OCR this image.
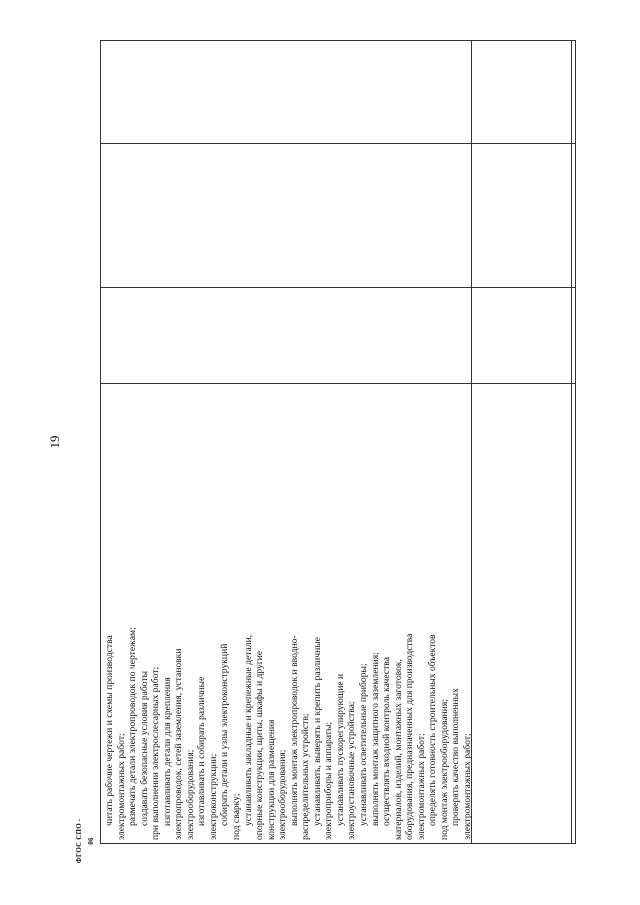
19
читать рабочие чертежи и схемы производства электромонтажных работ; размечать детали электропроводок по чертежам; создавать безопасные условия работы при выполнении электрослесарных работ; изготавливать детали для крепления электропроводок, сетей заземления, установки электрооборудования; изготавливать и собирать различные электроконструкции; собирать детали и узлы электроконструкций под сварку; устанавливать закладные и крепежные детали, опорные конструкции, щиты, шкафы и другие конструкции для размещения электрооборудования; выполнять монтаж электропроводок и вводно- распределительных устройств; устанавливать, выверять и крепить различные электроприборы и аппараты; устанавливать пускорегулирующие и электроустановочные устройства; устанавливать осветительные приборы; выполнять монтаж защитного заземления; осуществлять входной контроль качества материалов, изделий, монтажных заготовок, оборудования, предназначенных для производства электромонтажных работ; определять готовность строительных объектов под монтаж электрооборудования; проверять качество выполненных электромонтажных работ;
ФГОС СПО - 06
